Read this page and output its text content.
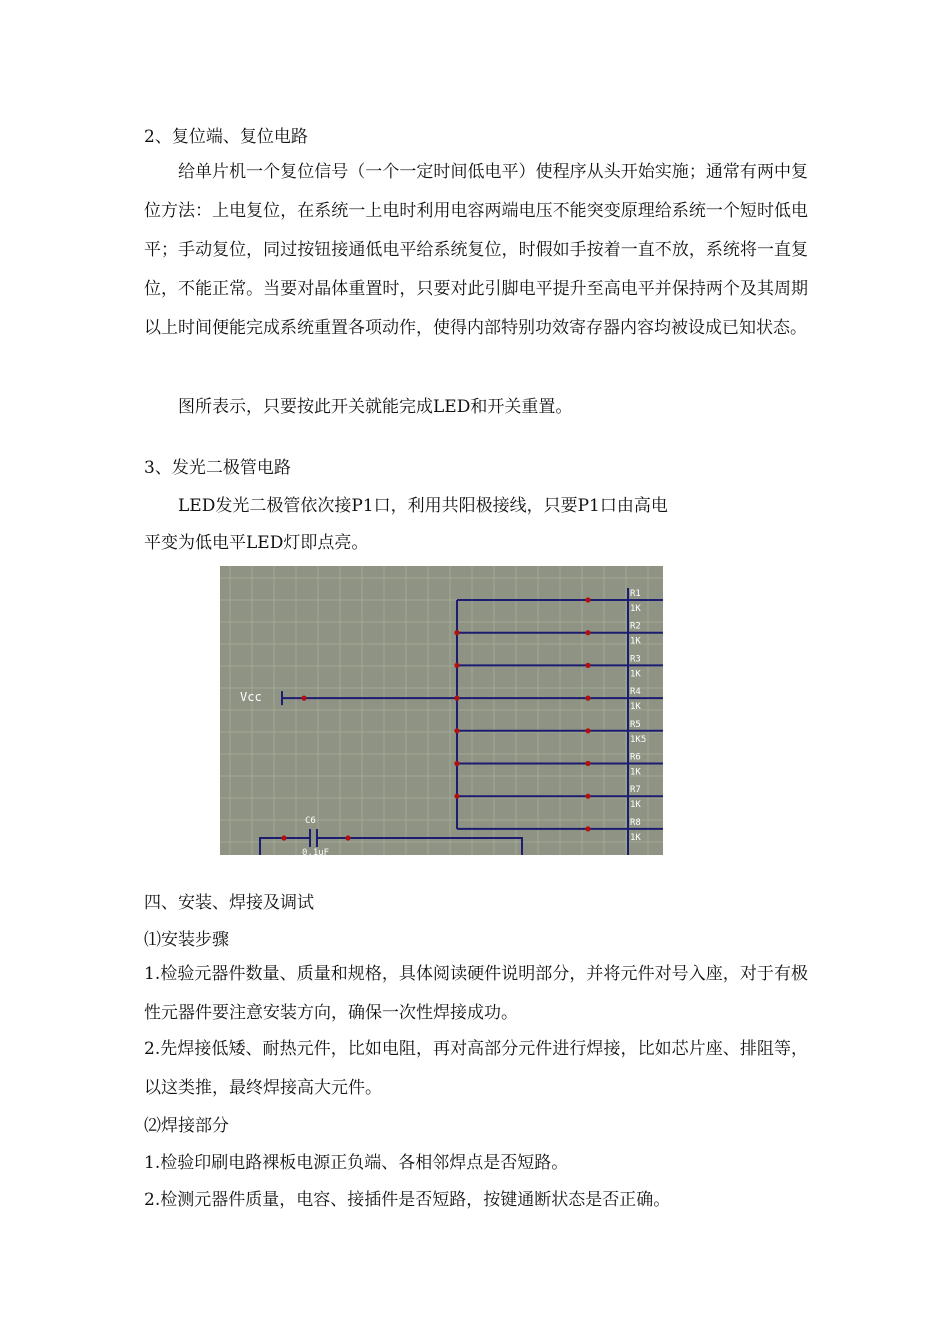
2、复位端、复位电路
给单片机一个复位信号（一个一定时间低电平）使程序从头开始实施；通常有两中复位方法：上电复位，在系统一上电时利用电容两端电压不能突变原理给系统一个短时低电平；手动复位，同过按钮接通低电平给系统复位，时假如手按着一直不放，系统将一直复位，不能正常。当要对晶体重置时，只要对此引脚电平提升至高电平并保持两个及其周期以上时间便能完成系统重置各项动作，使得内部特别功效寄存器内容均被设成已知状态。
图所表示，只要按此开关就能完成LED和开关重置。
3、发光二极管电路
LED发光二极管依次接P1口，利用共阳极接线，只要P1口由高电
平变为低电平LED灯即点亮。
R1
1K
R2
1K
R3
1K
R4
1K
R5
1K5
R6
1K
R7
1K
R8
1K
Vcc
C6
0.1uF
四、安装、焊接及调试
⑴安装步骤
1.检验元器件数量、质量和规格，具体阅读硬件说明部分，并将元件对号入座，对于有极性元器件要注意安装方向，确保一次性焊接成功。
2.先焊接低矮、耐热元件，比如电阻，再对高部分元件进行焊接，比如芯片座、排阻等，以这类推，最终焊接高大元件。
⑵焊接部分
1.检验印刷电路裸板电源正负端、各相邻焊点是否短路。
2.检测元器件质量，电容、接插件是否短路，按键通断状态是否正确。
